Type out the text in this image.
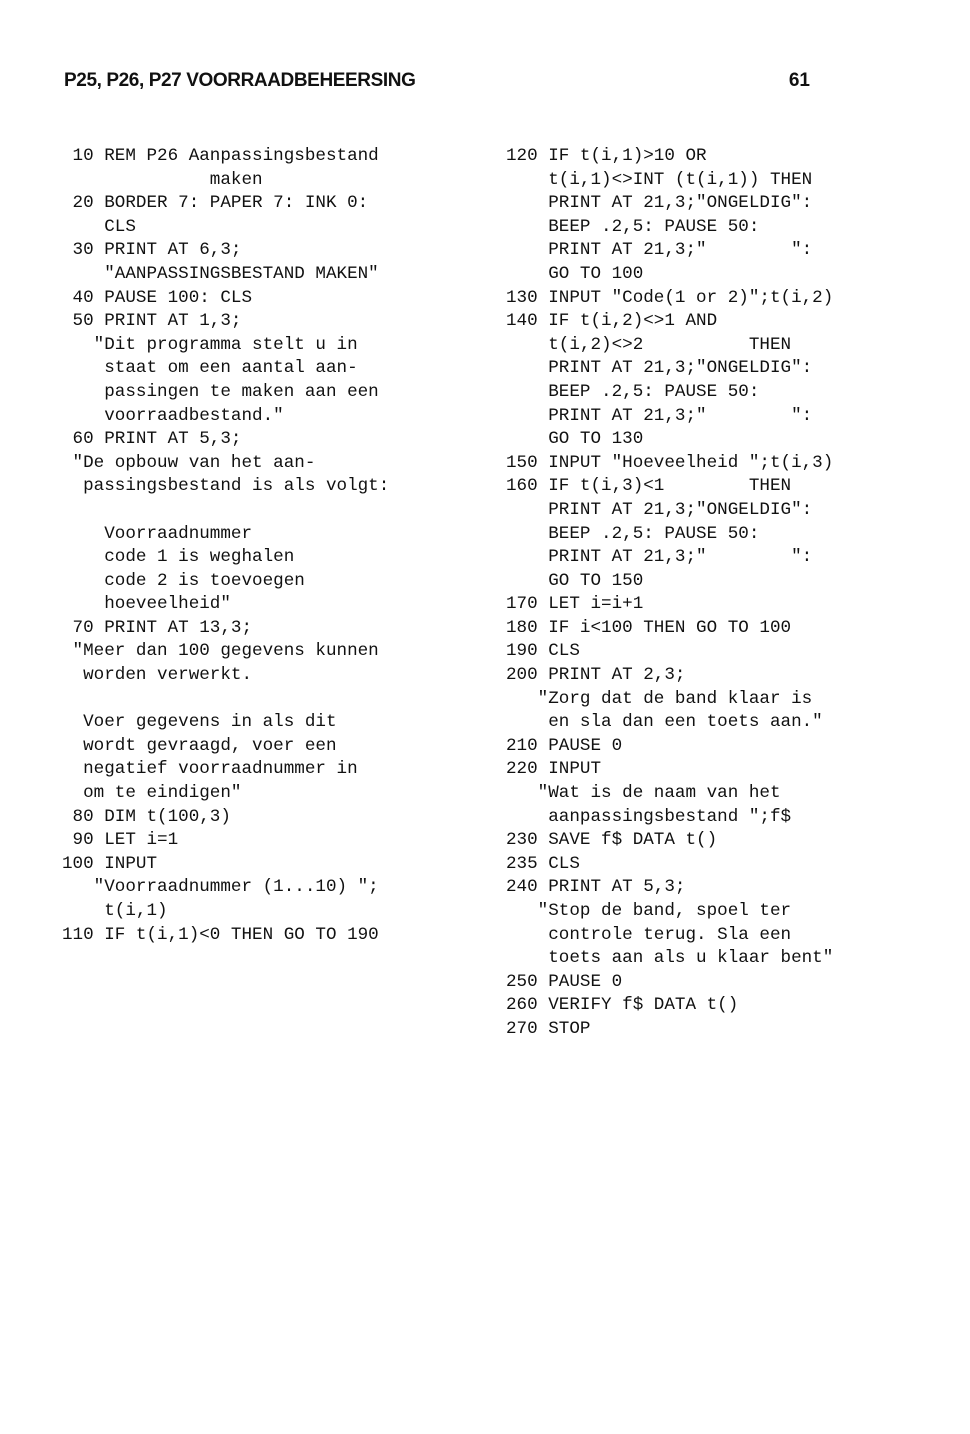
P25, P26, P27 VOORRAADBEHEERSING	61
10 REM P26 Aanpassingsbestand
maken
20 BORDER 7: PAPER 7: INK 0:
CLS
30 PRINT AT 6,3;
"AANPASSINGSBESTAND MAKEN"
40 PAUSE 100: CLS
50 PRINT AT 1,3;
"Dit programma stelt u in
staat om een aantal aan-
passingen te maken aan een
voorraadbestand."
60 PRINT AT 5,3;
"De opbouw van het aan-
passingsbestand is als volgt:
Voorraadnummer
code 1 is weghalen
code 2 is toevoegen
hoeveelheid"
70 PRINT AT 13,3;
"Meer dan 100 gegevens kunnen
worden verwerkt.
Voer gegevens in als dit
wordt gevraagd, voer een
negatief voorraadnummer in
om te eindigen"
80 DIM t(100,3)
90 LET i=1
100 INPUT
"Voorraadnummer (1...10) ";
t(i,1)
110 IF t(i,1)<0 THEN GO TO 190
120 IF t(i,1)>10 OR
t(i,1)<>INT (t(i,1)) THEN
PRINT AT 21,3;"ONGELDIG":
BEEP .2,5: PAUSE 50:
PRINT AT 21,3;"        ":
GO TO 100
130 INPUT "Code(1 or 2)";t(i,2)
140 IF t(i,2)<>1 AND
t(i,2)<>2          THEN
PRINT AT 21,3;"ONGELDIG":
BEEP .2,5: PAUSE 50:
PRINT AT 21,3;"        ":
GO TO 130
150 INPUT "Hoeveelheid ";t(i,3)
160 IF t(i,3)<1        THEN
PRINT AT 21,3;"ONGELDIG":
BEEP .2,5: PAUSE 50:
PRINT AT 21,3;"        ":
GO TO 150
170 LET i=i+1
180 IF i<100 THEN GO TO 100
190 CLS
200 PRINT AT 2,3;
"Zorg dat de band klaar is
en sla dan een toets aan."
210 PAUSE 0
220 INPUT
"Wat is de naam van het
aanpassingsbestand ";f$
230 SAVE f$ DATA t()
235 CLS
240 PRINT AT 5,3;
"Stop de band, spoel ter
controle terug. Sla een
toets aan als u klaar bent"
250 PAUSE 0
260 VERIFY f$ DATA t()
270 STOP
